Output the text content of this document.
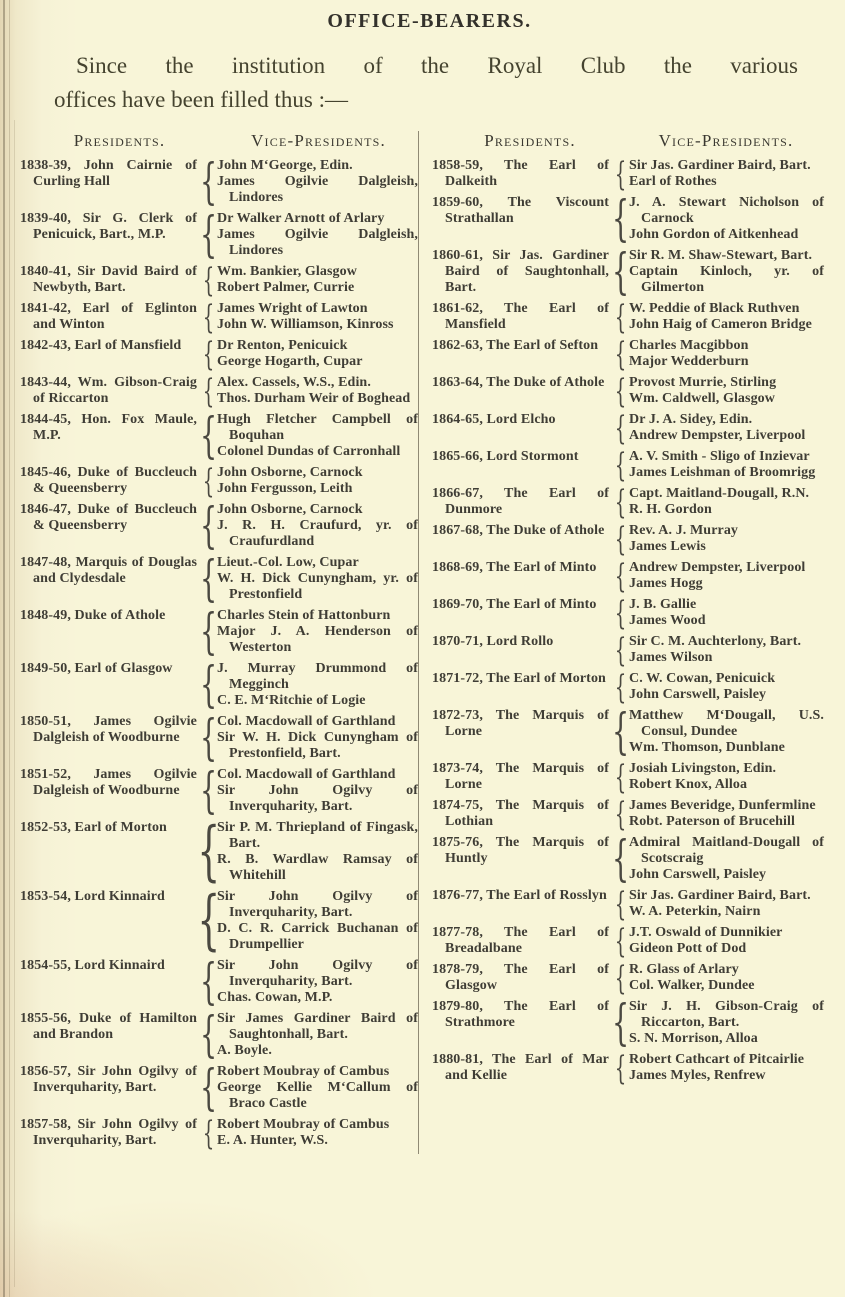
OFFICE-BEARERS.
Since the institution of the Royal Club the various
offices have been filled thus :—
Presidents.	Vice-Presidents.
1838-39, John Cairnie of Curling Hall	{ John M‘George, Edin.
James Ogilvie Dalgleish, Lindores
1839-40, Sir G. Clerk of Penicuick, Bart., M.P. { Dr Walker Arnott of Arlary
James Ogilvie Dalgleish, Lindores
1840-41, Sir David Baird of Newbyth, Bart.	{ Wm. Bankier, Glasgow
Robert Palmer, Currie
1841-42, Earl of Eglinton and Winton	{ James Wright of Lawton
John W. Williamson, Kinross
1842-43, Earl of Mansfield { Dr Renton, Penicuick
George Hogarth, Cupar
1843-44, Wm. Gibson-Craig of Riccarton	{ Alex. Cassels, W.S., Edin.
Thos. Durham Weir of Boghead
1844-45, Hon. Fox Maule, M.P.	{ Hugh Fletcher Campbell of Boquhan
Colonel Dundas of Carronhall
1845-46, Duke of Buccleuch & Queensberry	{ John Osborne, Carnock
John Fergusson, Leith
1846-47, Duke of Buccleuch & Queensberry	{ John Osborne, Carnock
J. R. H. Craufurd, yr. of Craufurdland
1847-48, Marquis of Douglas and Clydesdale	{ Lieut.-Col. Low, Cupar
W. H. Dick Cunyngham, yr. of Prestonfield
1848-49, Duke of Athole { Charles Stein of Hattonburn
Major J. A. Henderson of Westerton
1849-50, Earl of Glasgow { J. Murray Drummond of Megginch
C. E. M‘Ritchie of Logie
1850-51, James Ogilvie Dalgleish of Woodburne { Col. Macdowall of Garthland
Sir W. H. Dick Cunyngham of Prestonfield, Bart.
1851-52, James Ogilvie Dalgleish of Woodburne { Col. Macdowall of Garthland
Sir John Ogilvy of Inverquharity, Bart.
1852-53, Earl of Morton {
Sir P. M. Thriepland of Fingask, Bart.
R. B. Wardlaw Ramsay of Whitehill
1853-54, Lord Kinnaird {
Sir John Ogilvy of Inverquharity, Bart.
D. C. R. Carrick Buchanan of Drumpellier
1854-55, Lord Kinnaird { Sir John Ogilvy of Inverquharity, Bart.
Chas. Cowan, M.P.
1855-56, Duke of Hamilton and Brandon	{ Sir James Gardiner Baird of Saughtonhall, Bart.
A. Boyle.
1856-57, Sir John Ogilvy of Inverquharity, Bart. { Robert Moubray of Cambus
George Kellie M‘Callum of Braco Castle
1857-58, Sir John Ogilvy of Inverquharity, Bart.	{ Robert Moubray of Cambus
E. A. Hunter, W.S.
Presidents.	Vice-Presidents.
1858-59, The Earl of Dalkeith	{ Sir Jas. Gardiner Baird, Bart.
Earl of Rothes
1859-60, The Viscount Strathallan	{ J. A. Stewart Nicholson of Carnock
John Gordon of Aitkenhead
1860-61, Sir Jas. Gardiner Baird of Saughtonhall, Bart.	{ Sir R. M. Shaw-Stewart, Bart.
Captain Kinloch, yr. of Gilmerton
1861-62, The Earl of Mansfield	{ W. Peddie of Black Ruthven
John Haig of Cameron Bridge
1862-63, The Earl of Sefton { Charles Macgibbon
Major Wedderburn
1863-64, The Duke of Athole { Provost Murrie, Stirling
Wm. Caldwell, Glasgow
1864-65, Lord Elcho	{ Dr J. A. Sidey, Edin.
Andrew Dempster, Liverpool
1865-66, Lord Stormont	{ A. V. Smith - Sligo of Inzievar
James Leishman of Broomrigg
1866-67, The Earl of Dunmore	{ Capt. Maitland-Dougall, R.N.
R. H. Gordon
1867-68, The Duke of Athole { Rev. A. J. Murray
James Lewis
1868-69, The Earl of Minto { Andrew Dempster, Liverpool
James Hogg
1869-70, The Earl of Minto { J. B. Gallie
James Wood
1870-71, Lord Rollo	{ Sir C. M. Auchterlony, Bart.
James Wilson
1871-72, The Earl of Morton { C. W. Cowan, Penicuick
John Carswell, Paisley
1872-73, The Marquis of Lorne	{ Matthew M‘Dougall, U.S. Consul, Dundee
Wm. Thomson, Dunblane
1873-74, The Marquis of Lorne	{ Josiah Livingston, Edin.
Robert Knox, Alloa
1874-75, The Marquis of Lothian	{ James Beveridge, Dunfermline
Robt. Paterson of Brucehill
1875-76, The Marquis of Huntly	{ Admiral Maitland-Dougall of Scotscraig
John Carswell, Paisley
1876-77, The Earl of Rosslyn { Sir Jas. Gardiner Baird, Bart.
W. A. Peterkin, Nairn
1877-78, The Earl of Breadalbane	{ J.T. Oswald of Dunnikier
Gideon Pott of Dod
1878-79, The Earl of Glasgow	{ R. Glass of Arlary
Col. Walker, Dundee
1879-80, The Earl of Strathmore	{ Sir J. H. Gibson-Craig of Riccarton, Bart.
S. N. Morrison, Alloa
1880-81, The Earl of Mar and Kellie	{ Robert Cathcart of Pitcairlie
James Myles, Renfrew
